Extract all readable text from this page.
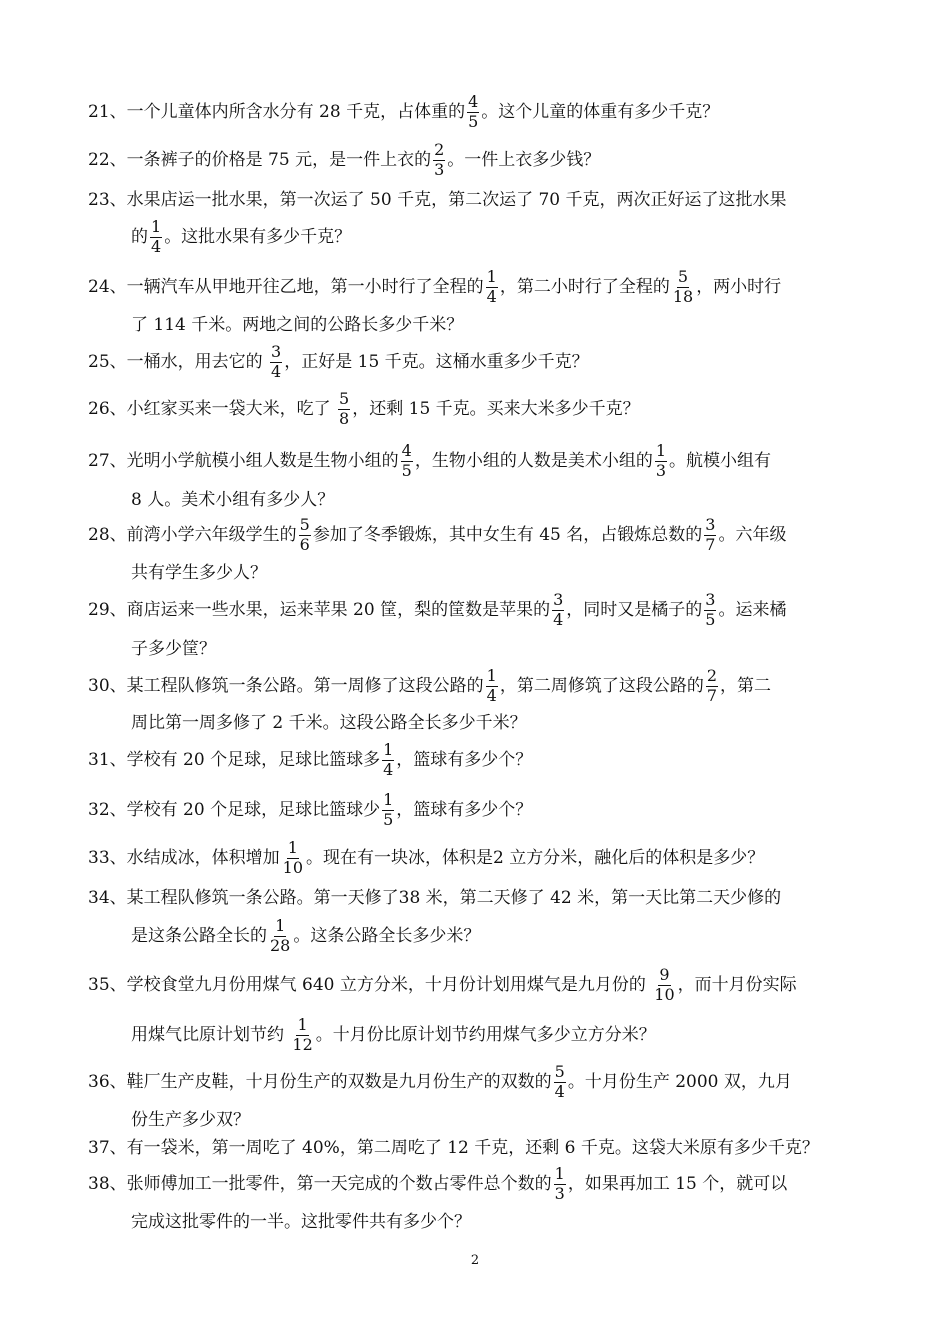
21、一个儿童体内所含水分有 28 千克，占体重的 $\frac{4}{5}$ 。这个儿童的体重有多少千克？
22、一条裤子的价格是 75 元，是一件上衣的 $\frac{2}{3}$ 。一件上衣多少钱？
23、水果店运一批水果，第一次运了 50 千克，第二次运了 70 千克，两次正好运了这批水果
的 $\frac{1}{4}$ 。这批水果有多少千克？
24、一辆汽车从甲地开往乙地，第一小时行了全程的 $\frac{1}{4}$ ，第二小时行了全程的 $\frac{5}{18}$ ，两小时行
了 114 千米。两地之间的公路长多少千米？
25、一桶水，用去它的 $\frac{3}{4}$ ，正好是 15 千克。这桶水重多少千克？
26、小红家买来一袋大米，吃了 $\frac{5}{8}$ ，还剩 15 千克。买来大米多少千克？
27、光明小学航模小组人数是生物小组的 $\frac{4}{5}$ ，生物小组的人数是美术小组的 $\frac{1}{3}$ 。航模小组有
8 人。美术小组有多少人？
28、前湾小学六年级学生的 $\frac{5}{6}$ 参加了冬季锻炼，其中女生有 45 名，占锻炼总数的 $\frac{3}{7}$ 。六年级
共有学生多少人？
29、商店运来一些水果，运来苹果 20 筐，梨的筐数是苹果的 $\frac{3}{4}$ ，同时又是橘子的 $\frac{3}{5}$ 。运来橘
子多少筐？
30、某工程队修筑一条公路。第一周修了这段公路的 $\frac{1}{4}$ ，第二周修筑了这段公路的 $\frac{2}{7}$ ，第二
周比第一周多修了 2 千米。这段公路全长多少千米？
31、学校有 20 个足球，足球比篮球多 $\frac{1}{4}$ ，篮球有多少个？
32、学校有 20 个足球，足球比篮球少 $\frac{1}{5}$ ，篮球有多少个？
33、水结成冰，体积增加 $\frac{1}{10}$ 。现在有一块冰，体积是2 立方分米，融化后的体积是多少？
34、某工程队修筑一条公路。第一天修了38 米，第二天修了 42 米，第一天比第二天少修的
是这条公路全长的 $\frac{1}{28}$ 。这条公路全长多少米？
35、学校食堂九月份用煤气 640 立方分米，十月份计划用煤气是九月份的 $\frac{9}{10}$ ，而十月份实际
用煤气比原计划节约 $\frac{1}{12}$ 。十月份比原计划节约用煤气多少立方分米？
36、鞋厂生产皮鞋，十月份生产的双数是九月份生产的双数的 $\frac{5}{4}$ 。十月份生产 2000 双，九月
份生产多少双？
37、有一袋米，第一周吃了 40%，第二周吃了 12 千克，还剩 6 千克。这袋大米原有多少千克？
38、张师傅加工一批零件，第一天完成的个数占零件总个数的 $\frac{1}{3}$ ，如果再加工 15 个，就可以
完成这批零件的一半。这批零件共有多少个？
2
